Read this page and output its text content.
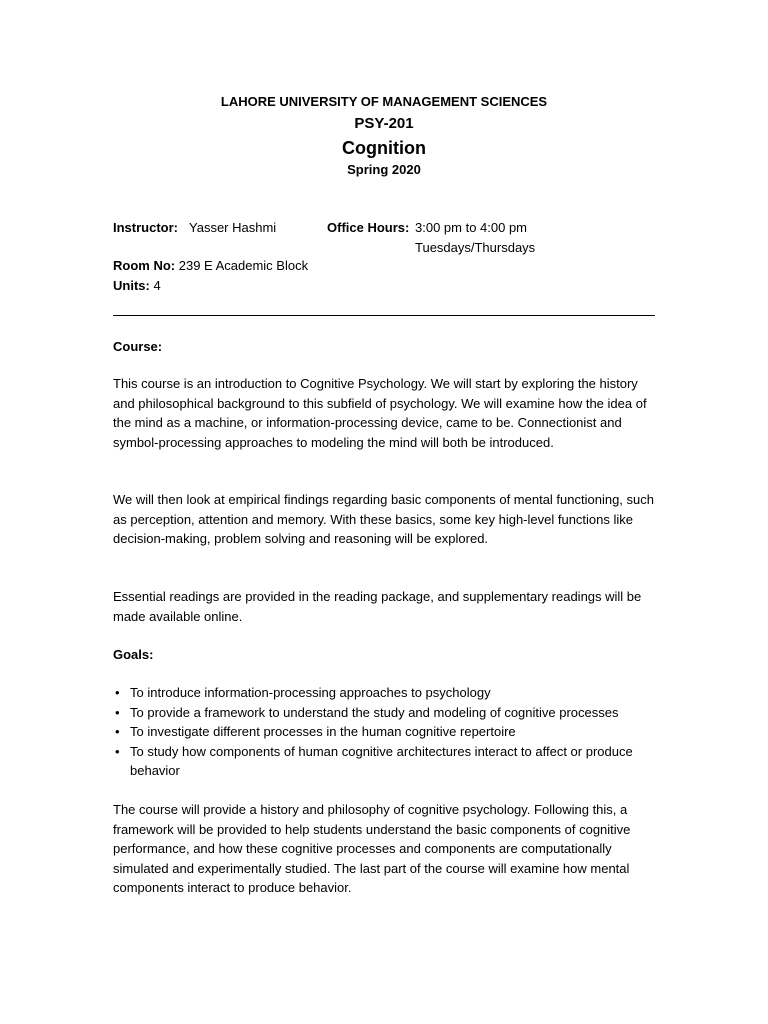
LAHORE UNIVERSITY OF MANAGEMENT SCIENCES
PSY-201
Cognition
Spring 2020
Instructor: Yasser Hashmi	Office Hours: 3:00 pm to 4:00 pm
Tuesdays/Thursdays
Room No: 239 E Academic Block
Units: 4
Course:
This course is an introduction to Cognitive Psychology. We will start by exploring the history and philosophical background to this subfield of psychology. We will examine how the idea of the mind as a machine, or information-processing device, came to be. Connectionist and symbol-processing approaches to modeling the mind will both be introduced.
We will then look at empirical findings regarding basic components of mental functioning, such as perception, attention and memory. With these basics, some key high-level functions like decision-making, problem solving and reasoning will be explored.
Essential readings are provided in the reading package, and supplementary readings will be made available online.
Goals:
• To introduce information-processing approaches to psychology
• To provide a framework to understand the study and modeling of cognitive processes
• To investigate different processes in the human cognitive repertoire
• To study how components of human cognitive architectures interact to affect or produce behavior
The course will provide a history and philosophy of cognitive psychology. Following this, a framework will be provided to help students understand the basic components of cognitive performance, and how these cognitive processes and components are computationally simulated and experimentally studied. The last part of the course will examine how mental components interact to produce behavior.
